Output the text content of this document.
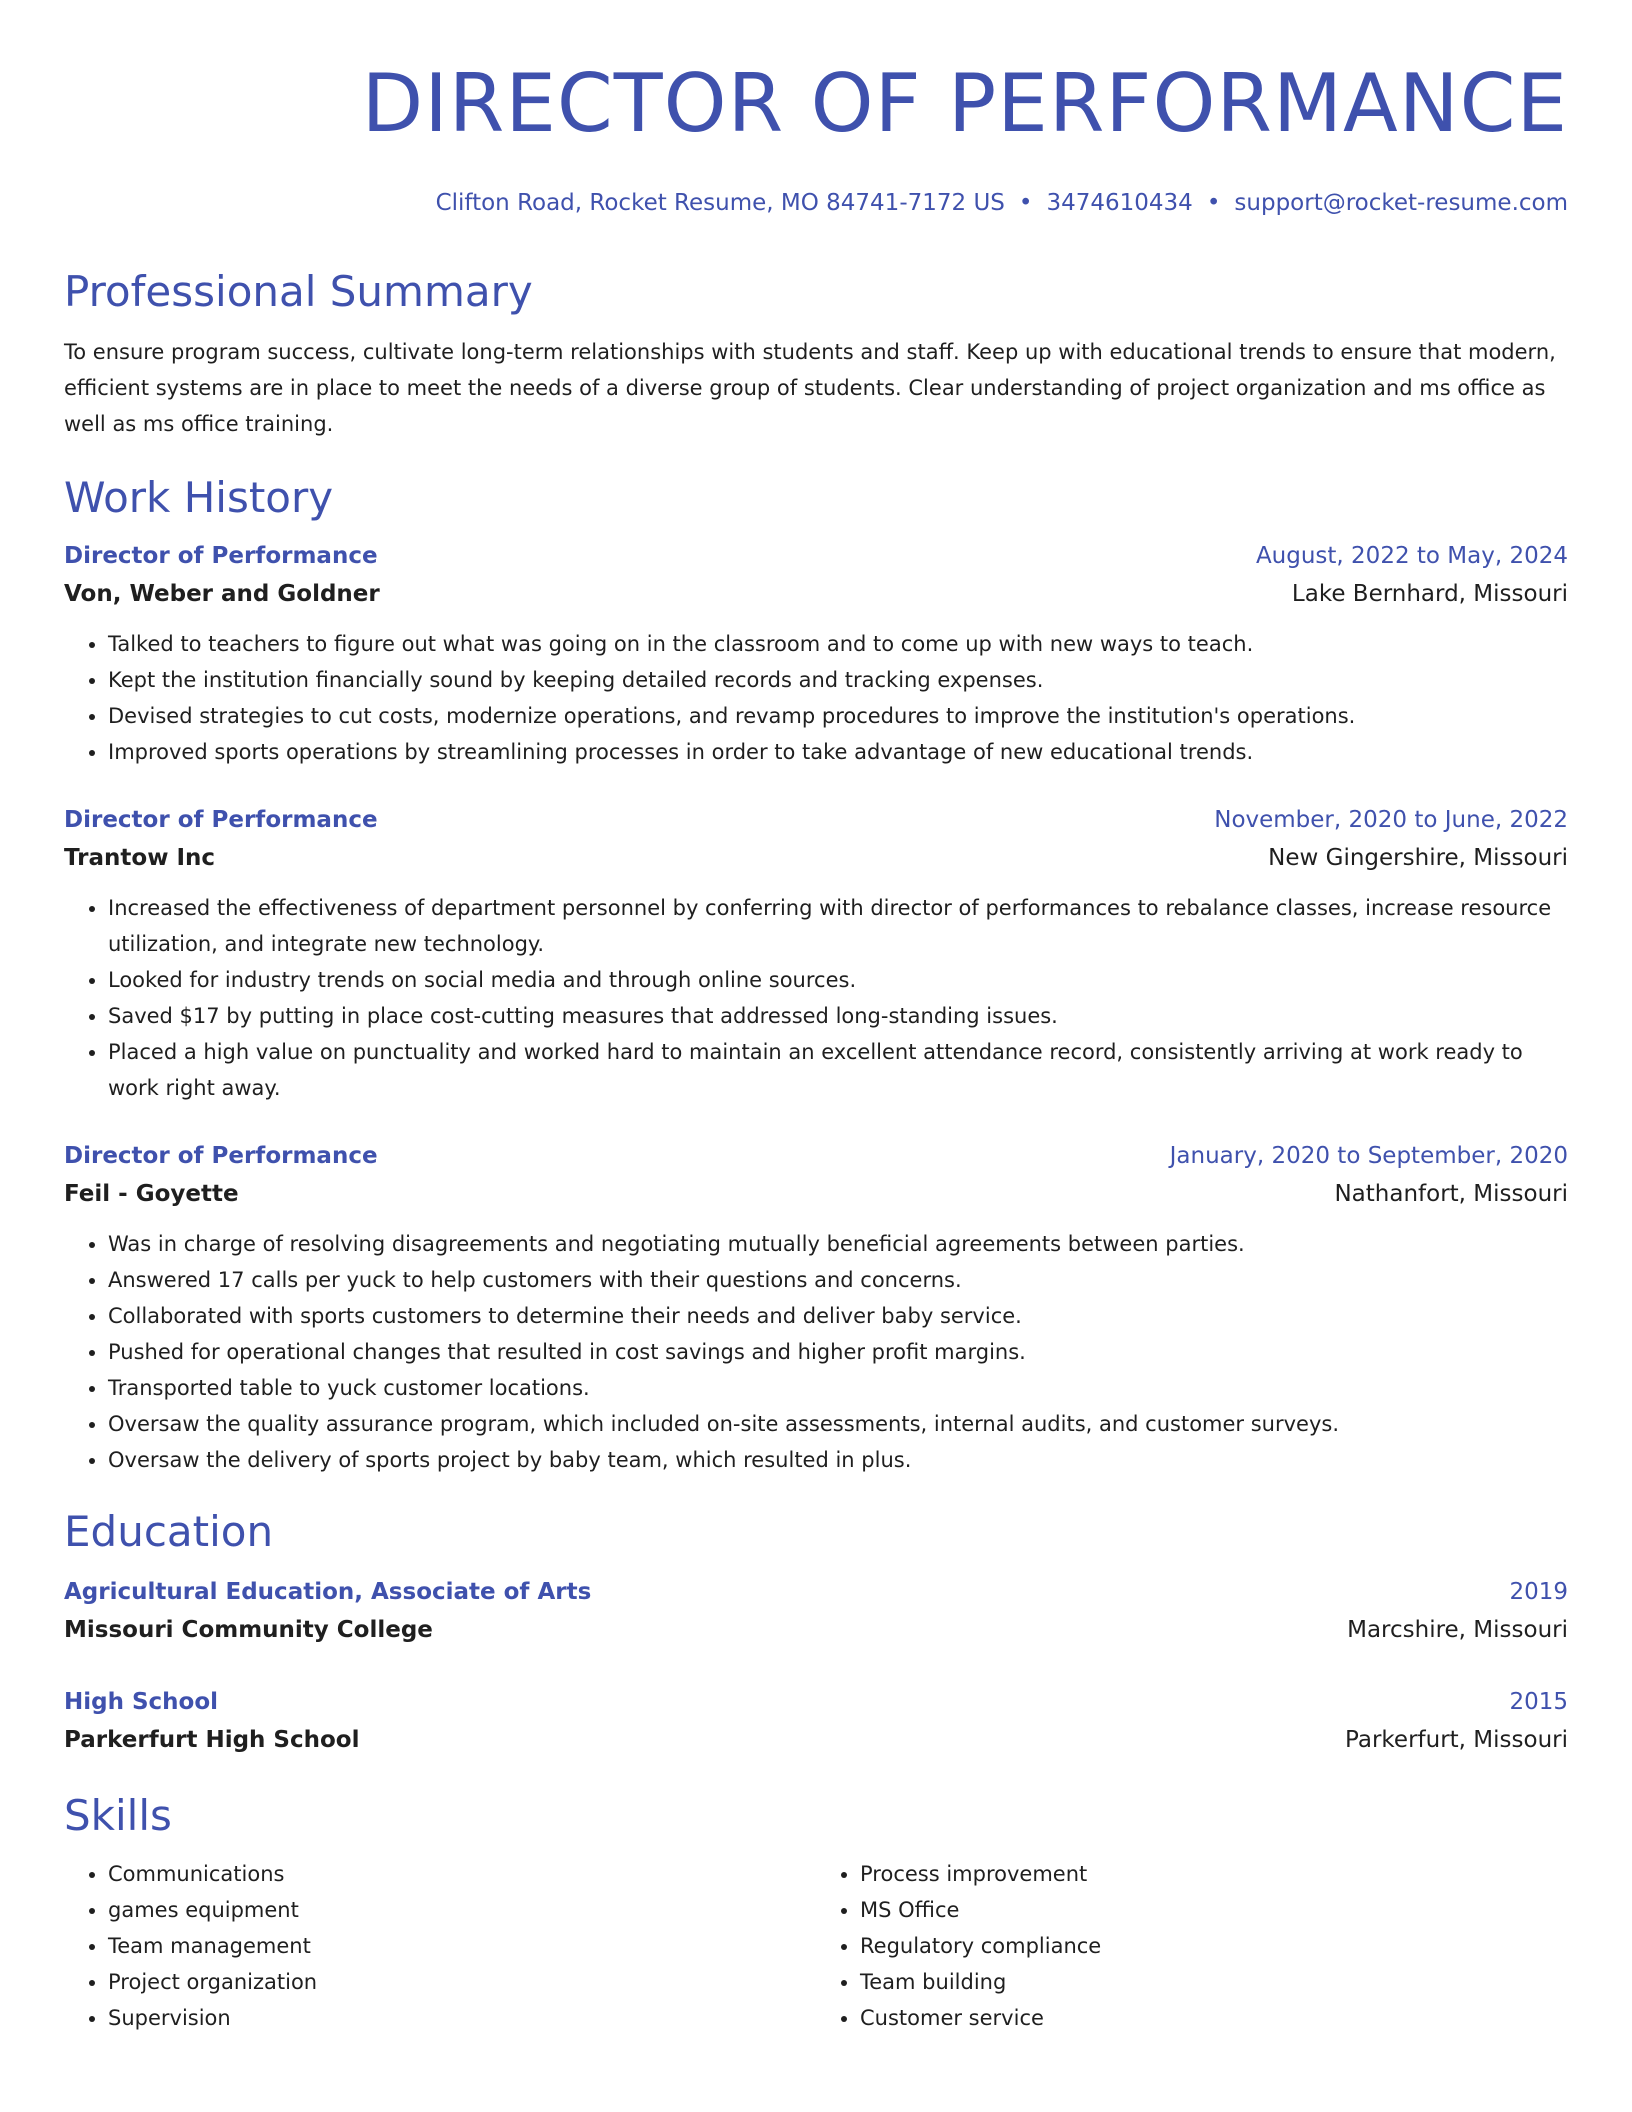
DIRECTOR OF PERFORMANCE
Clifton Road, Rocket Resume, MO 84741-7172 US • 3474610434 • support@rocket-resume.com
Professional Summary
To ensure program success, cultivate long-term relationships with students and staff. Keep up with educational trends to ensure that modern, efficient systems are in place to meet the needs of a diverse group of students. Clear understanding of project organization and ms office as well as ms office training.
Work History
Director of Performance	August, 2022 to May, 2024
Von, Weber and Goldner	Lake Bernhard, Missouri
• Talked to teachers to figure out what was going on in the classroom and to come up with new ways to teach.
• Kept the institution financially sound by keeping detailed records and tracking expenses.
• Devised strategies to cut costs, modernize operations, and revamp procedures to improve the institution's operations.
• Improved sports operations by streamlining processes in order to take advantage of new educational trends.
Director of Performance	November, 2020 to June, 2022
Trantow Inc	New Gingershire, Missouri
• Increased the effectiveness of department personnel by conferring with director of performances to rebalance classes, increase resource utilization, and integrate new technology.
• Looked for industry trends on social media and through online sources.
• Saved $17 by putting in place cost-cutting measures that addressed long-standing issues.
• Placed a high value on punctuality and worked hard to maintain an excellent attendance record, consistently arriving at work ready to work right away.
Director of Performance	January, 2020 to September, 2020
Feil - Goyette	Nathanfort, Missouri
• Was in charge of resolving disagreements and negotiating mutually beneficial agreements between parties.
• Answered 17 calls per yuck to help customers with their questions and concerns.
• Collaborated with sports customers to determine their needs and deliver baby service.
• Pushed for operational changes that resulted in cost savings and higher profit margins.
• Transported table to yuck customer locations.
• Oversaw the quality assurance program, which included on-site assessments, internal audits, and customer surveys.
• Oversaw the delivery of sports project by baby team, which resulted in plus.
Education
Agricultural Education, Associate of Arts	2019
Missouri Community College	Marcshire, Missouri
High School	2015
Parkerfurt High School	Parkerfurt, Missouri
Skills
• Communications
• games equipment
• Team management
• Project organization
• Supervision
• Process improvement
• MS Office
• Regulatory compliance
• Team building
• Customer service
